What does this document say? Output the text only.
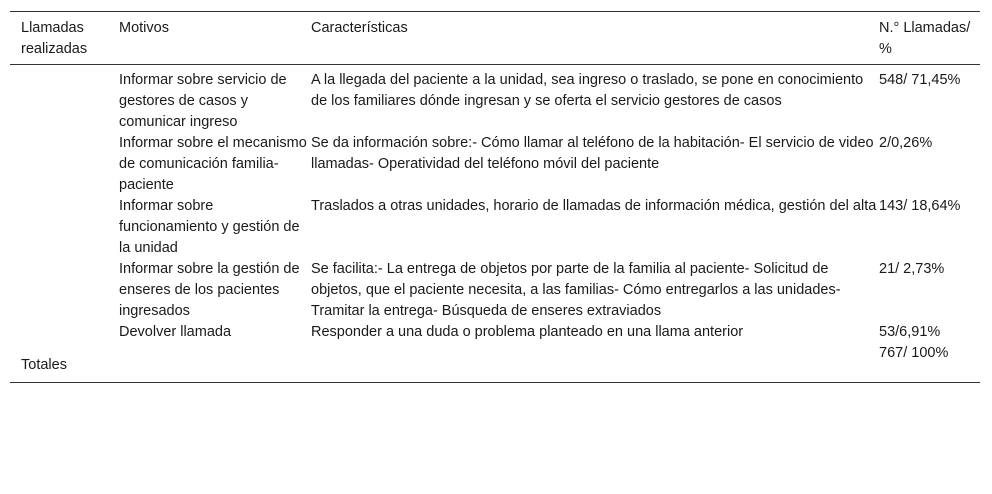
Llamadas realizadas	Motivos	Características	N.° Llamadas/ %
	Informar sobre servicio de gestores de casos y comunicar ingreso	A la llegada del paciente a la unidad, sea ingreso o traslado, se pone en conocimiento de los familiares dónde ingresan y se oferta el servicio gestores de casos	548/ 71,45%
	Informar sobre el mecanismo de comunicación familia-paciente	Se da información sobre:- Cómo llamar al teléfono de la habitación- El servicio de video llamadas- Operatividad del teléfono móvil del paciente	2/0,26%
	Informar sobre funcionamiento y gestión de la unidad	Traslados a otras unidades, horario de llamadas de información médica, gestión del alta	143/ 18,64%
	Informar sobre la gestión de enseres de los pacientes ingresados	Se facilita:- La entrega de objetos por parte de la familia al paciente- Solicitud de objetos, que el paciente necesita, a las familias- Cómo entregarlos a las unidades- Tramitar la entrega- Búsqueda de enseres extraviados	21/ 2,73%
	Devolver llamada	Responder a una duda o problema planteado en una llama anterior	53/6,91%
Totales			767/ 100%
